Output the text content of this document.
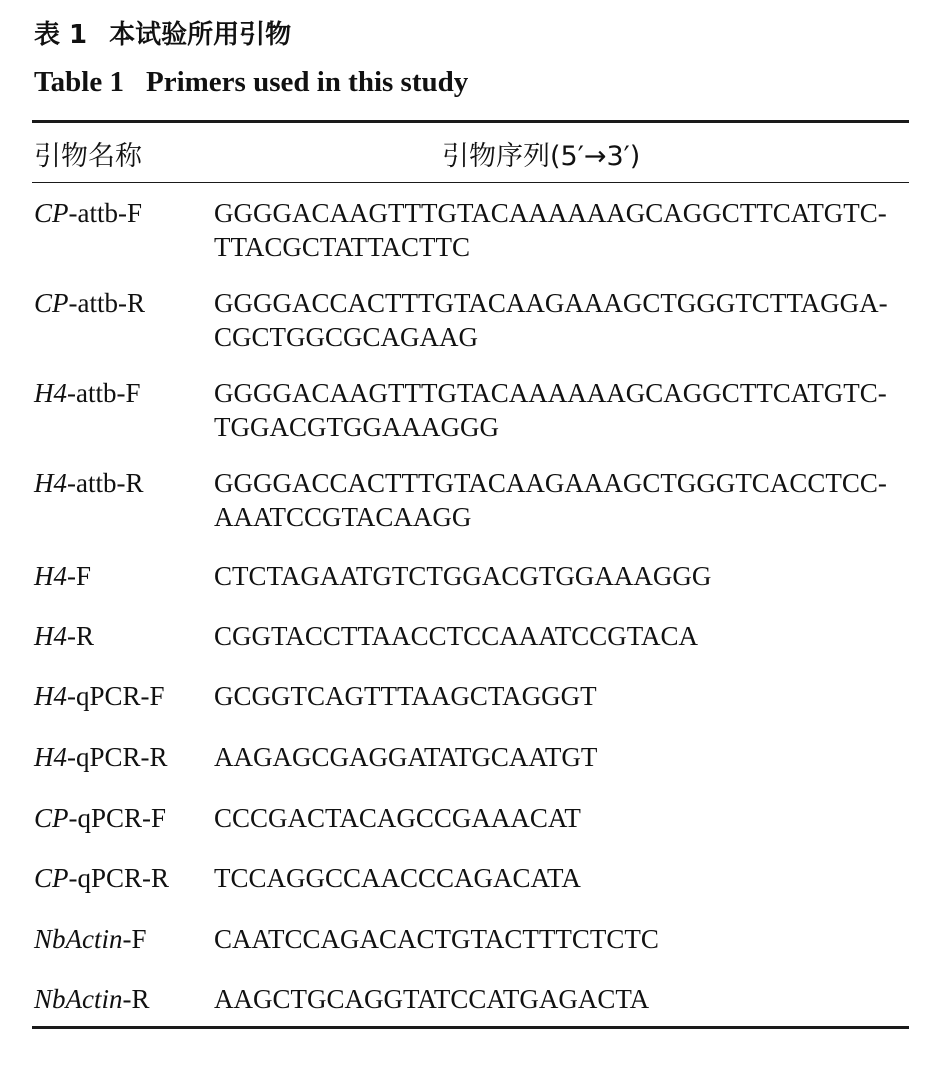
表 1 本试验所用引物
Table 1 Primers used in this study
引物名称	引物序列(5′→3′)
CP-attb-F	GGGGACAAGTTTGTACAAAAAAGCAGGCTTCATGTC-
TTACGCTATTACTTC
CP-attb-R	GGGGACCACTTTGTACAAGAAAGCTGGGTCTTAGGA-
CGCTGGCGCAGAAG
H4-attb-F	GGGGACAAGTTTGTACAAAAAAGCAGGCTTCATGTC-
TGGACGTGGAAAGGG
H4-attb-R	GGGGACCACTTTGTACAAGAAAGCTGGGTCACCTCC-
AAATCCGTACAAGG
H4-F	CTCTAGAATGTCTGGACGTGGAAAGGG
H4-R	CGGTACCTTAACCTCCAAATCCGTACA
H4-qPCR-F GCGGTCAGTTTAAGCTAGGGT
H4-qPCR-R AAGAGCGAGGATATGCAATGT
CP-qPCR-F CCCGACTACAGCCGAAACAT
CP-qPCR-R TCCAGGCCAACCCAGACATA
NbActin-F CAATCCAGACACTGTACTTTCTCTC
NbActin-R AAGCTGCAGGTATCCATGAGACTA
